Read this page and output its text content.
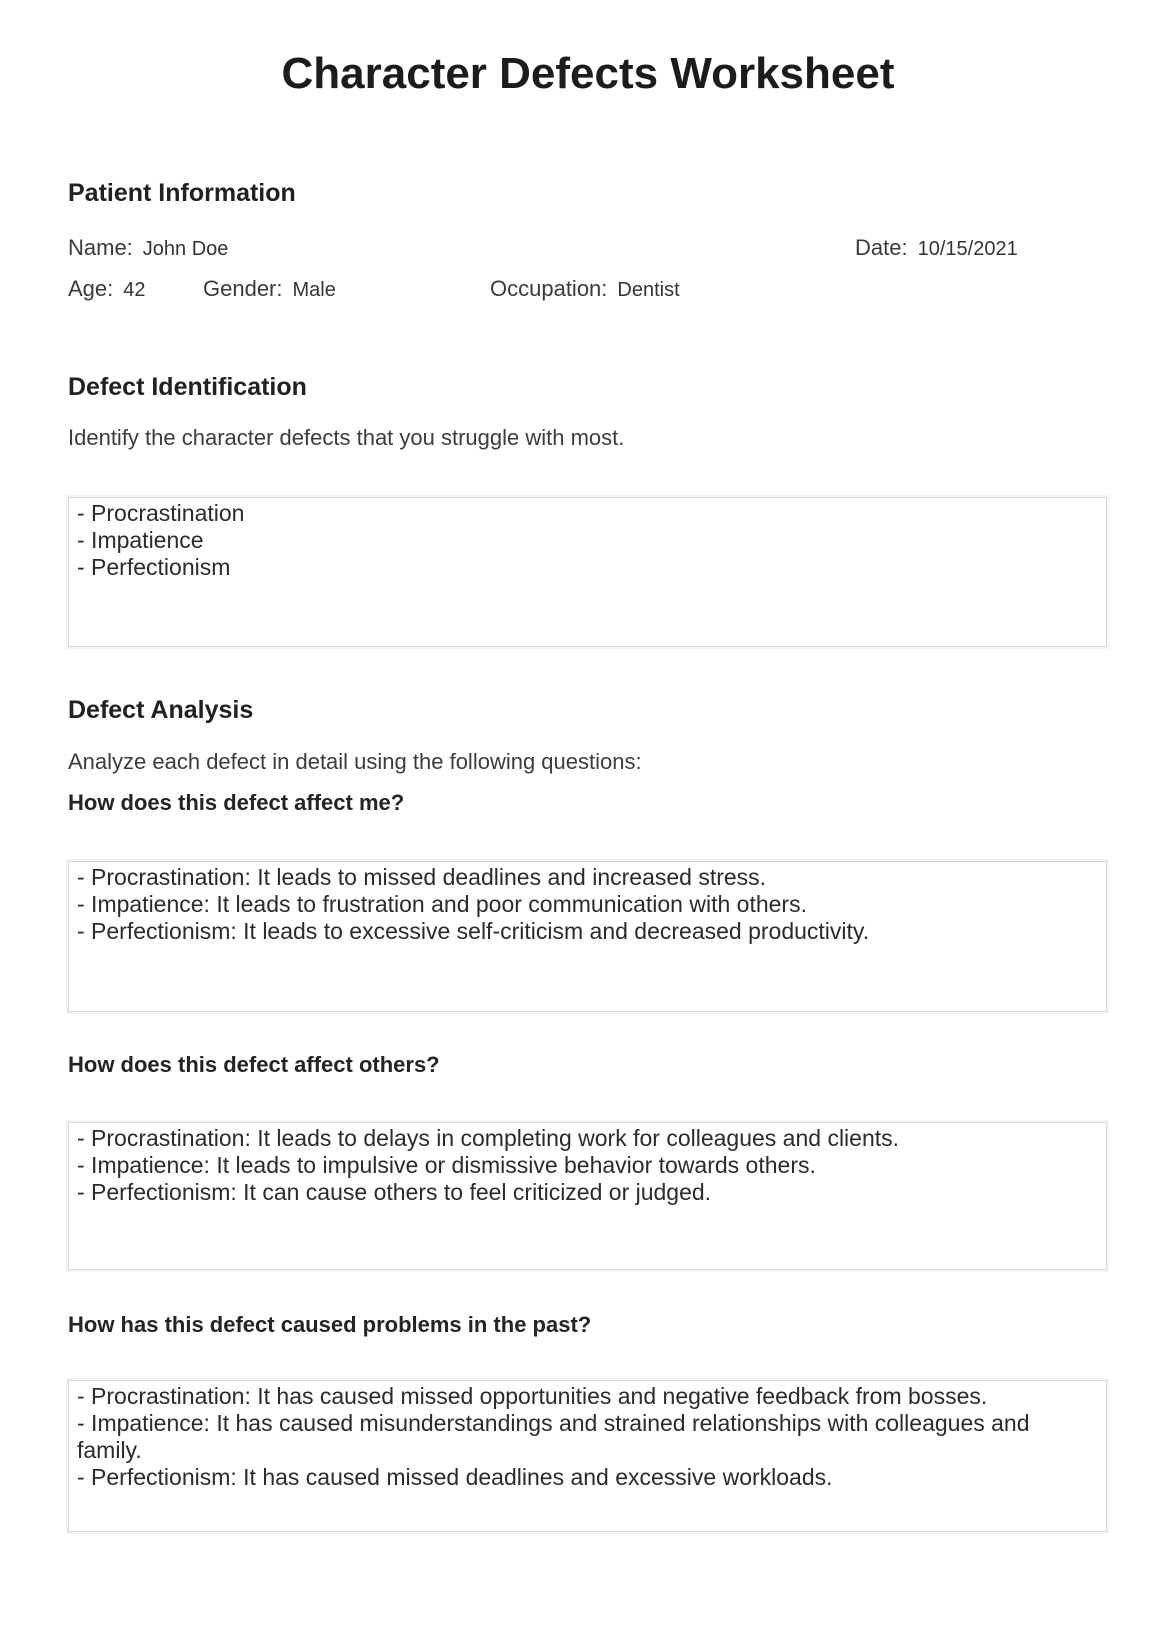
Character Defects Worksheet
Patient Information
Name: John Doe	Date: 10/15/2021
Age: 42	Gender: Male	Occupation: Dentist
Defect Identification
Identify the character defects that you struggle with most.
- Procrastination
- Impatience
- Perfectionism
Defect Analysis
Analyze each defect in detail using the following questions:
How does this defect affect me?
- Procrastination: It leads to missed deadlines and increased stress.
- Impatience: It leads to frustration and poor communication with others.
- Perfectionism: It leads to excessive self-criticism and decreased productivity.
How does this defect affect others?
- Procrastination: It leads to delays in completing work for colleagues and clients.
- Impatience: It leads to impulsive or dismissive behavior towards others.
- Perfectionism: It can cause others to feel criticized or judged.
How has this defect caused problems in the past?
- Procrastination: It has caused missed opportunities and negative feedback from bosses.
- Impatience: It has caused misunderstandings and strained relationships with colleagues and family.
- Perfectionism: It has caused missed deadlines and excessive workloads.
